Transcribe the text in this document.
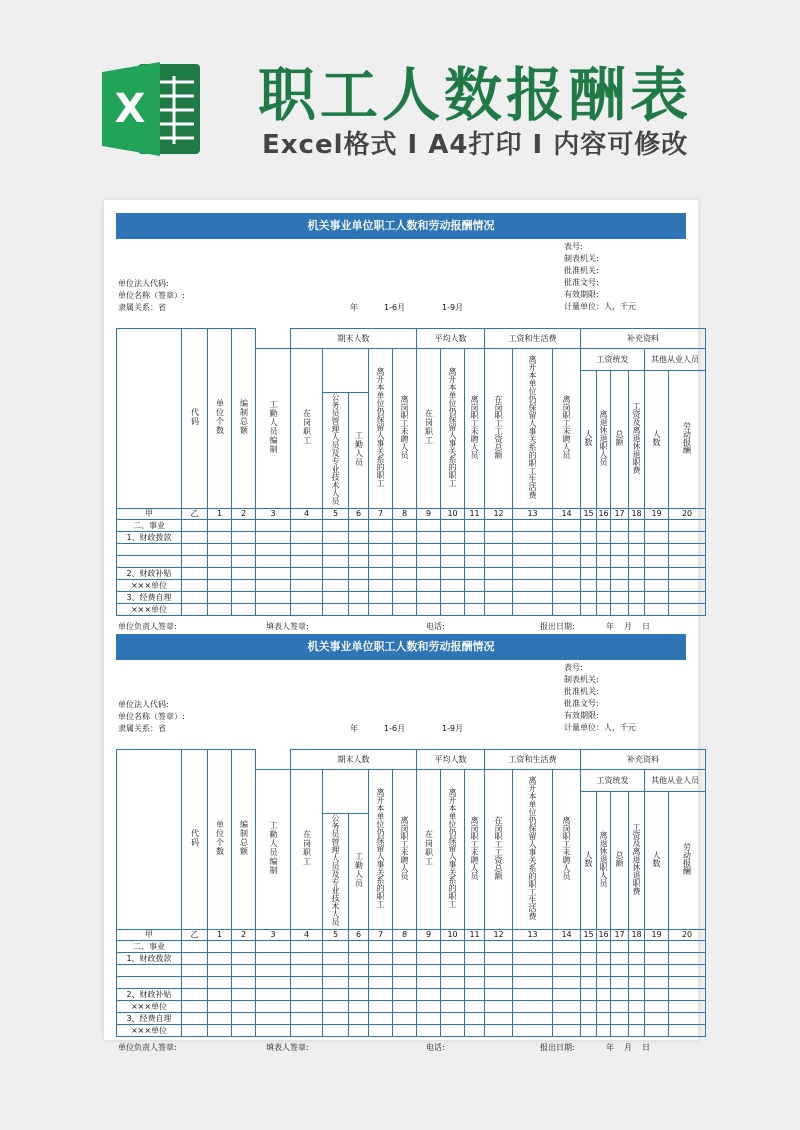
X 职工人数报酬表
Excel格式 I A4打印 I 内容可修改
机关事业单位职工人数和劳动报酬情况
表号:
制表机关:
批准机关:
批准文号:
有效期限:
计量单位：人，千元
单位法人代码:
单位名称（签章）:
隶属关系：省	年	1-6月	1-9月
	代码	单位个数	编制总额		期末人数					平均人数			工资和生活费			补充资料					
				工勤人员编制	在岗职工			离开本单位仍保留人事关系的职工	离岗职工未聘人员	在岗职工	离开本单位仍保留人事关系的职工	离岗职工未聘人员	在岗职工工资总额	离开本单位仍保留人事关系的职工生活费	离岗职工未聘人员	工资统发				其他从业人员	
																人数	离退休退职人员	总额	工资及离退休退职费	人数	劳动报酬
						公务员管理人员及专业技术人员	工勤人员														
甲	乙	1	2	3	4	5	6	7	8	9	10	11	12	13	14	15	16	17	18	19	20
二、事业																					
1、财政拨款																					

2、财政补贴																					
×××单位																					
3、经费自理																					
×××单位																					
单位负责人签章:	填表人签章:	电话:	报出日期:	年 月 日
机关事业单位职工人数和劳动报酬情况
表号:
制表机关:
批准机关:
批准文号:
有效期限:
计量单位：人，千元
单位法人代码:
单位名称（签章）:
隶属关系：省	年	1-6月	1-9月
	代码	单位个数	编制总额		期末人数					平均人数			工资和生活费			补充资料					
				工勤人员编制	在岗职工			离开本单位仍保留人事关系的职工	离岗职工未聘人员	在岗职工	离开本单位仍保留人事关系的职工	离岗职工未聘人员	在岗职工工资总额	离开本单位仍保留人事关系的职工生活费	离岗职工未聘人员	工资统发				其他从业人员	
																人数	离退休退职人员	总额	工资及离退休退职费	人数	劳动报酬
						公务员管理人员及专业技术人员	工勤人员														
甲	乙	1	2	3	4	5	6	7	8	9	10	11	12	13	14	15	16	17	18	19	20
二、事业																					
1、财政拨款																					

2、财政补贴																					
×××单位																					
3、经费自理																					
×××单位																					
单位负责人签章:	填表人签章:	电话:	报出日期:	年 月 日
